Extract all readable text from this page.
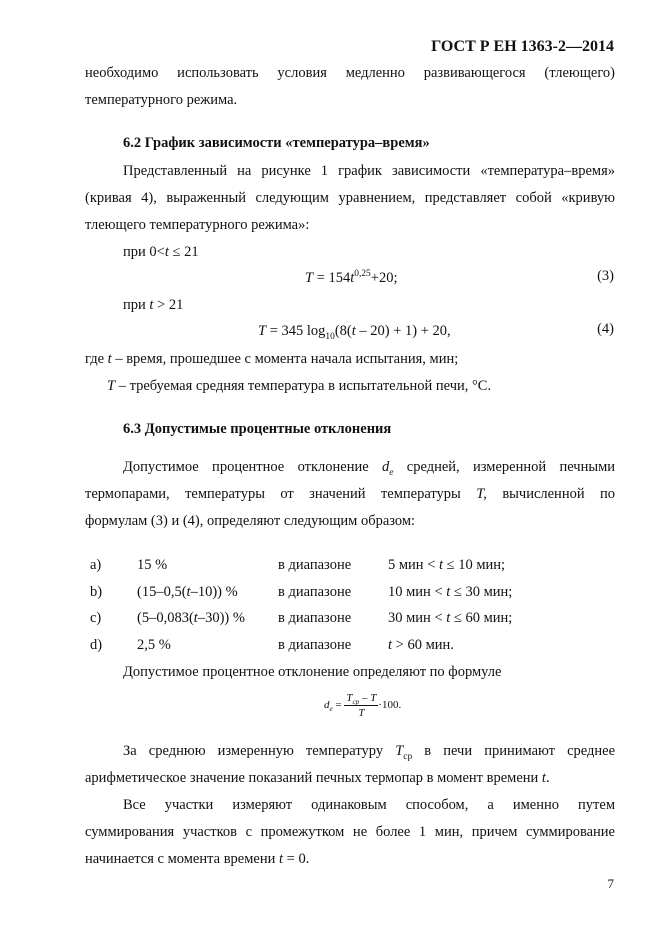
ГОСТ Р ЕН 1363-2—2014
необходимо использовать условия медленно развивающегося (тлеющего)
температурного режима.
6.2 График зависимости «температура–время»
Представленный на рисунке 1 график зависимости «температура–время»
(кривая 4), выраженный следующим уравнением, представляет собой «кривую
тлеющего температурного режима»:
при 0<t ≤ 21
$T = 154t^{0,25}+20$;	(3)
при t > 21
T = 345 $\log_{10}(8(t - 20) + 1) + 20$,	(4)
где t – время, прошедшее с момента начала испытания, мин;
T – требуемая средняя температура в испытательной печи, °С.
6.3 Допустимые процентные отклонения
Допустимое процентное отклонение $d_e$ средней, измеренной печными
термопарами, температуры от значений температуры T, вычисленной по
формулам (3) и (4), определяют следующим образом:
a) 15 %	в диапазоне	5 мин < t ≤ 10 мин;
b) (15–0,5(t–10)) %	в диапазоне	10 мин < t ≤ 30 мин;
c) (5–0,083(t–30)) % в диапазоне	30 мин < t ≤ 60 мин;
d) 2,5 %	в диапазоне	t > 60 мин.
Допустимое процентное отклонение определяют по формуле
$d_e = \frac{T_{ср} - T}{T} \cdot 100$.
За среднюю измеренную температуру $T_{ср}$ в печи принимают среднее
арифметическое значение показаний печных термопар в момент времени t.
Все участки измеряют одинаковым способом, а именно путем
суммирования участков с промежутком не более 1 мин, причем суммирование
начинается с момента времени t = 0.
7
